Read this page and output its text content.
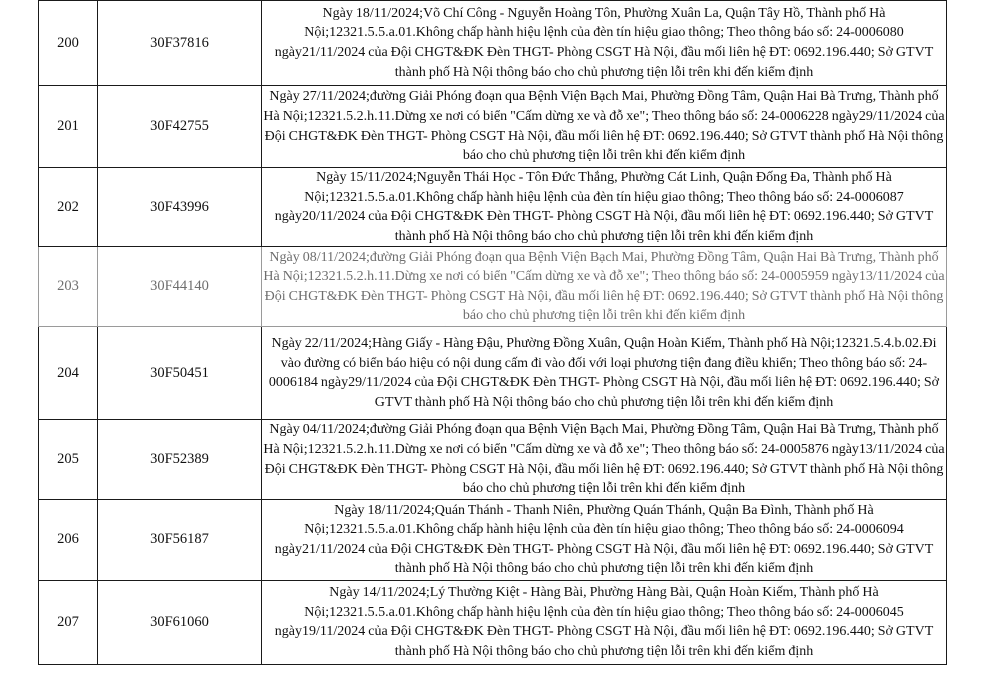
200	30F37816	Ngày 18/11/2024;Võ Chí Công - Nguyễn Hoàng Tôn, Phường Xuân La, Quận Tây Hồ, Thành phố Hà Nội;12321.5.5.a.01.Không chấp hành hiệu lệnh của đèn tín hiệu giao thông; Theo thông báo số: 24-0006080 ngày21/11/2024 của Đội CHGT&ĐK Đèn THGT- Phòng CSGT Hà Nội, đầu mối liên hệ ĐT: 0692.196.440; Sở GTVT thành phố Hà Nội thông báo cho chủ phương tiện lỗi trên khi đến kiểm định
201	30F42755	Ngày 27/11/2024;đường Giải Phóng đoạn qua Bệnh Viện Bạch Mai, Phường Đồng Tâm, Quận Hai Bà Trưng, Thành phố Hà Nội;12321.5.2.h.11.Dừng xe nơi có biển "Cấm dừng xe và đỗ xe"; Theo thông báo số: 24-0006228 ngày29/11/2024 của Đội CHGT&ĐK Đèn THGT- Phòng CSGT Hà Nội, đầu mối liên hệ ĐT: 0692.196.440; Sở GTVT thành phố Hà Nội thông báo cho chủ phương tiện lỗi trên khi đến kiểm định
202	30F43996	Ngày 15/11/2024;Nguyễn Thái Học - Tôn Đức Thắng, Phường Cát Linh, Quận Đống Đa, Thành phố Hà Nội;12321.5.5.a.01.Không chấp hành hiệu lệnh của đèn tín hiệu giao thông; Theo thông báo số: 24-0006087 ngày20/11/2024 của Đội CHGT&ĐK Đèn THGT- Phòng CSGT Hà Nội, đầu mối liên hệ ĐT: 0692.196.440; Sở GTVT thành phố Hà Nội thông báo cho chủ phương tiện lỗi trên khi đến kiểm định
203	30F44140	Ngày 08/11/2024;đường Giải Phóng đoạn qua Bệnh Viện Bạch Mai, Phường Đồng Tâm, Quận Hai Bà Trưng, Thành phố Hà Nội;12321.5.2.h.11.Dừng xe nơi có biển "Cấm dừng xe và đỗ xe"; Theo thông báo số: 24-0005959 ngày13/11/2024 của Đội CHGT&ĐK Đèn THGT- Phòng CSGT Hà Nội, đầu mối liên hệ ĐT: 0692.196.440; Sở GTVT thành phố Hà Nội thông báo cho chủ phương tiện lỗi trên khi đến kiểm định
204	30F50451	Ngày 22/11/2024;Hàng Giấy - Hàng Đậu, Phường Đồng Xuân, Quận Hoàn Kiếm, Thành phố Hà Nội;12321.5.4.b.02.Đi vào đường có biển báo hiệu có nội dung cấm đi vào đối với loại phương tiện đang điều khiển; Theo thông báo số: 24-0006184 ngày29/11/2024 của Đội CHGT&ĐK Đèn THGT- Phòng CSGT Hà Nội, đầu mối liên hệ ĐT: 0692.196.440; Sở GTVT thành phố Hà Nội thông báo cho chủ phương tiện lỗi trên khi đến kiểm định
205	30F52389	Ngày 04/11/2024;đường Giải Phóng đoạn qua Bệnh Viện Bạch Mai, Phường Đồng Tâm, Quận Hai Bà Trưng, Thành phố Hà Nội;12321.5.2.h.11.Dừng xe nơi có biển "Cấm dừng xe và đỗ xe"; Theo thông báo số: 24-0005876 ngày13/11/2024 của Đội CHGT&ĐK Đèn THGT- Phòng CSGT Hà Nội, đầu mối liên hệ ĐT: 0692.196.440; Sở GTVT thành phố Hà Nội thông báo cho chủ phương tiện lỗi trên khi đến kiểm định
206	30F56187	Ngày 18/11/2024;Quán Thánh - Thanh Niên, Phường Quán Thánh, Quận Ba Đình, Thành phố Hà Nội;12321.5.5.a.01.Không chấp hành hiệu lệnh của đèn tín hiệu giao thông; Theo thông báo số: 24-0006094 ngày21/11/2024 của Đội CHGT&ĐK Đèn THGT- Phòng CSGT Hà Nội, đầu mối liên hệ ĐT: 0692.196.440; Sở GTVT thành phố Hà Nội thông báo cho chủ phương tiện lỗi trên khi đến kiểm định
207	30F61060	Ngày 14/11/2024;Lý Thường Kiệt - Hàng Bài, Phường Hàng Bài, Quận Hoàn Kiếm, Thành phố Hà Nội;12321.5.5.a.01.Không chấp hành hiệu lệnh của đèn tín hiệu giao thông; Theo thông báo số: 24-0006045 ngày19/11/2024 của Đội CHGT&ĐK Đèn THGT- Phòng CSGT Hà Nội, đầu mối liên hệ ĐT: 0692.196.440; Sở GTVT thành phố Hà Nội thông báo cho chủ phương tiện lỗi trên khi đến kiểm định
